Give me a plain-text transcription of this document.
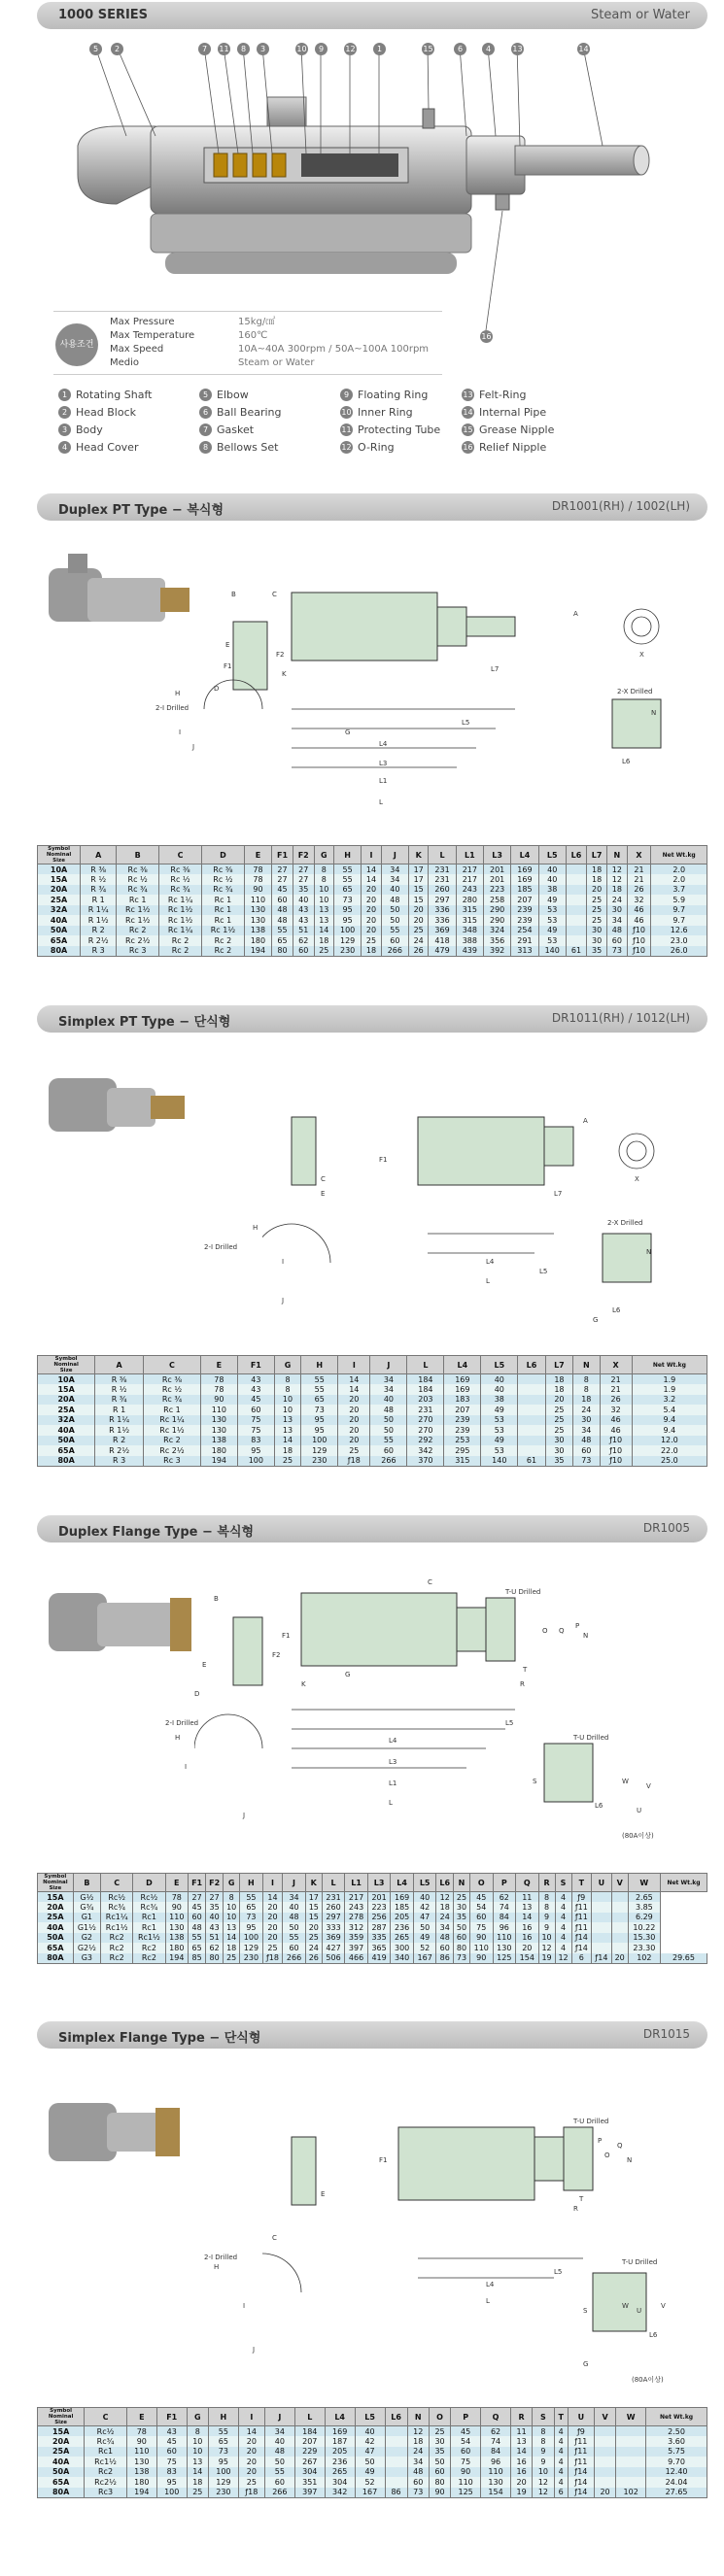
1000 SERIES	Steam or Water
5	2	7	11	8	3	10	9	12	1	15	6	4	13	14
16
사용조건
Max Pressure
Max Temperature
Max Speed
Medio
15kg/㎠
160℃
10A~40A 300rpm / 50A~100A 100rpm
Steam or Water
1 Rotating Shaft
2 Head Block
3 Body
4 Head Cover
5 Elbow
6 Ball Bearing
7 Gasket
8 Bellows Set
9 Floating Ring
10 Inner Ring
11 Protecting Tube
12 O-Ring
13 Felt-Ring
14 Internal Pipe
15 Grease Nipple
16 Relief Nipple
Duplex PT Type − 복식형	DR1001(RH) / 1002(LH)
A
B	C
D
E
F1
F2
G
H
I
J
K
L
L1
L3
L4
L5
L6
L7
N
X
2-I Drilled
2-X Drilled
Symbol
Nominal
Size	A	B	C	D	E	F1	F2	G	H	I	J	K	L	L1	L3	L4	L5	L6	L7	N	X	Net Wt.kg
10A	R ⅜	Rc ⅜	Rc ⅜	Rc ⅜	78	27	27	8	55	14	34	17	231	217	201	169	40		18	12	21	2.0
15A	R ½	Rc ½	Rc ½	Rc ½	78	27	27	8	55	14	34	17	231	217	201	169	40		18	12	21	2.0
20A	R ¾	Rc ¾	Rc ¾	Rc ¾	90	45	35	10	65	20	40	15	260	243	223	185	38		20	18	26	3.7
25A	R 1	Rc 1	Rc 1¼	Rc 1	110	60	40	10	73	20	48	15	297	280	258	207	49		25	24	32	5.9
32A	R 1¼	Rc 1½	Rc 1½	Rc 1	130	48	43	13	95	20	50	20	336	315	290	239	53		25	30	46	9.7
40A	R 1½	Rc 1½	Rc 1½	Rc 1	130	48	43	13	95	20	50	20	336	315	290	239	53		25	34	46	9.7
50A	R 2	Rc 2	Rc 1¼	Rc 1½	138	55	51	14	100	20	55	25	369	348	324	254	49		30	48	ƒ10	12.6
65A	R 2½	Rc 2½	Rc 2	Rc 2	180	65	62	18	129	25	60	24	418	388	356	291	53		30	60	ƒ10	23.0
80A	R 3	Rc 3	Rc 2	Rc 2	194	80	60	25	230	18	266	26	479	439	392	313	140	61	35	73	ƒ10	26.0
Simplex PT Type − 단식형	DR1011(RH) / 1012(LH)
A
C
E
F1
G
H
I
J
L
L4
L5
L6
L7
N
X
2-I Drilled
2-X Drilled
Symbol
Nominal
Size	A	C	E	F1	G	H	I	J	L	L4	L5	L6	L7	N	X	Net Wt.kg
10A	R ⅜	Rc ⅜	78	43	8	55	14	34	184	169	40		18	8	21	1.9
15A	R ½	Rc ½	78	43	8	55	14	34	184	169	40		18	8	21	1.9
20A	R ¾	Rc ¾	90	45	10	65	20	40	203	183	38		20	18	26	3.2
25A	R 1	Rc 1	110	60	10	73	20	48	231	207	49		25	24	32	5.4
32A	R 1¼	Rc 1¼	130	75	13	95	20	50	270	239	53		25	30	46	9.4
40A	R 1½	Rc 1½	130	75	13	95	20	50	270	239	53		25	34	46	9.4
50A	R 2	Rc 2	138	83	14	100	20	55	292	253	49		30	48	ƒ10	12.0
65A	R 2½	Rc 2½	180	95	18	129	25	60	342	295	53		30	60	ƒ10	22.0
80A	R 3	Rc 3	194	100	25	230	ƒ18	266	370	315	140	61	35	73	ƒ10	25.0
Duplex Flange Type − 복식형	DR1005
B
C
D
E
F1
F2
G
H
I
J
K
L
L1
L3
L4
L5
L6
N
O
P
Q
R
S
T
U
V
W
2-I Drilled
T-U Drilled
T-U Drilled
(80A이상)
Symbol
Nominal
Size	B	C	D	E	F1	F2	G	H	I	J	K	L	L1	L3	L4	L5	L6	N	O	P	Q	R	S	T	U	V	W	Net Wt.kg
15A	G½	Rc½	Rc½	78	27	27	8	55	14	34	17	231	217	201	169	40	12	25	45	62	11	8	4	ƒ9			2.65	
20A	G¾	Rc¾	Rc¾	90	45	35	10	65	20	40	15	260	243	223	185	42	18	30	54	74	13	8	4	ƒ11			3.85	
25A	G1	Rc1¼	Rc1	110	60	40	10	73	20	48	15	297	278	256	205	47	24	35	60	84	14	9	4	ƒ11			6.29	
40A	G1½	Rc1½	Rc1	130	48	43	13	95	20	50	20	333	312	287	236	50	34	50	75	96	16	9	4	ƒ11			10.22	
50A	G2	Rc2	Rc1½	138	55	51	14	100	20	55	25	369	359	335	265	49	48	60	90	110	16	10	4	ƒ14			15.30	
65A	G2½	Rc2	Rc2	180	65	62	18	129	25	60	24	427	397	365	300	52	60	80	110	130	20	12	4	ƒ14			23.30	
80A	G3	Rc2	Rc2	194	85	80	25	230	ƒ18	266	26	506	466	419	340	167	86	73	90	125	154	19	12	6	ƒ14	20	102	29.65
Simplex Flange Type − 단식형	DR1015
C
E
F1
G
H
I
J
L
L4
L5
L6
N
O
P
Q
R
S
T
U
V
W
2-I Drilled
T-U Drilled
T-U Drilled
(80A이상)
Symbol
Nominal
Size	C	E	F1	G	H	I	J	L	L4	L5	L6	N	O	P	Q	R	S	T	U	V	W	Net Wt.kg
15A	Rc½	78	43	8	55	14	34	184	169	40		12	25	45	62	11	8	4	ƒ9			2.50
20A	Rc¾	90	45	10	65	20	40	207	187	42		18	30	54	74	13	8	4	ƒ11			3.60
25A	Rc1	110	60	10	73	20	48	229	205	47		24	35	60	84	14	9	4	ƒ11			5.75
40A	Rc1½	130	75	13	95	20	50	267	236	50		34	50	75	96	16	9	4	ƒ11			9.70
50A	Rc2	138	83	14	100	20	55	304	265	49		48	60	90	110	16	10	4	ƒ14			12.40
65A	Rc2½	180	95	18	129	25	60	351	304	52		60	80	110	130	20	12	4	ƒ14			24.04
80A	Rc3	194	100	25	230	ƒ18	266	397	342	167	86	73	90	125	154	19	12	6	ƒ14	20	102	27.65
